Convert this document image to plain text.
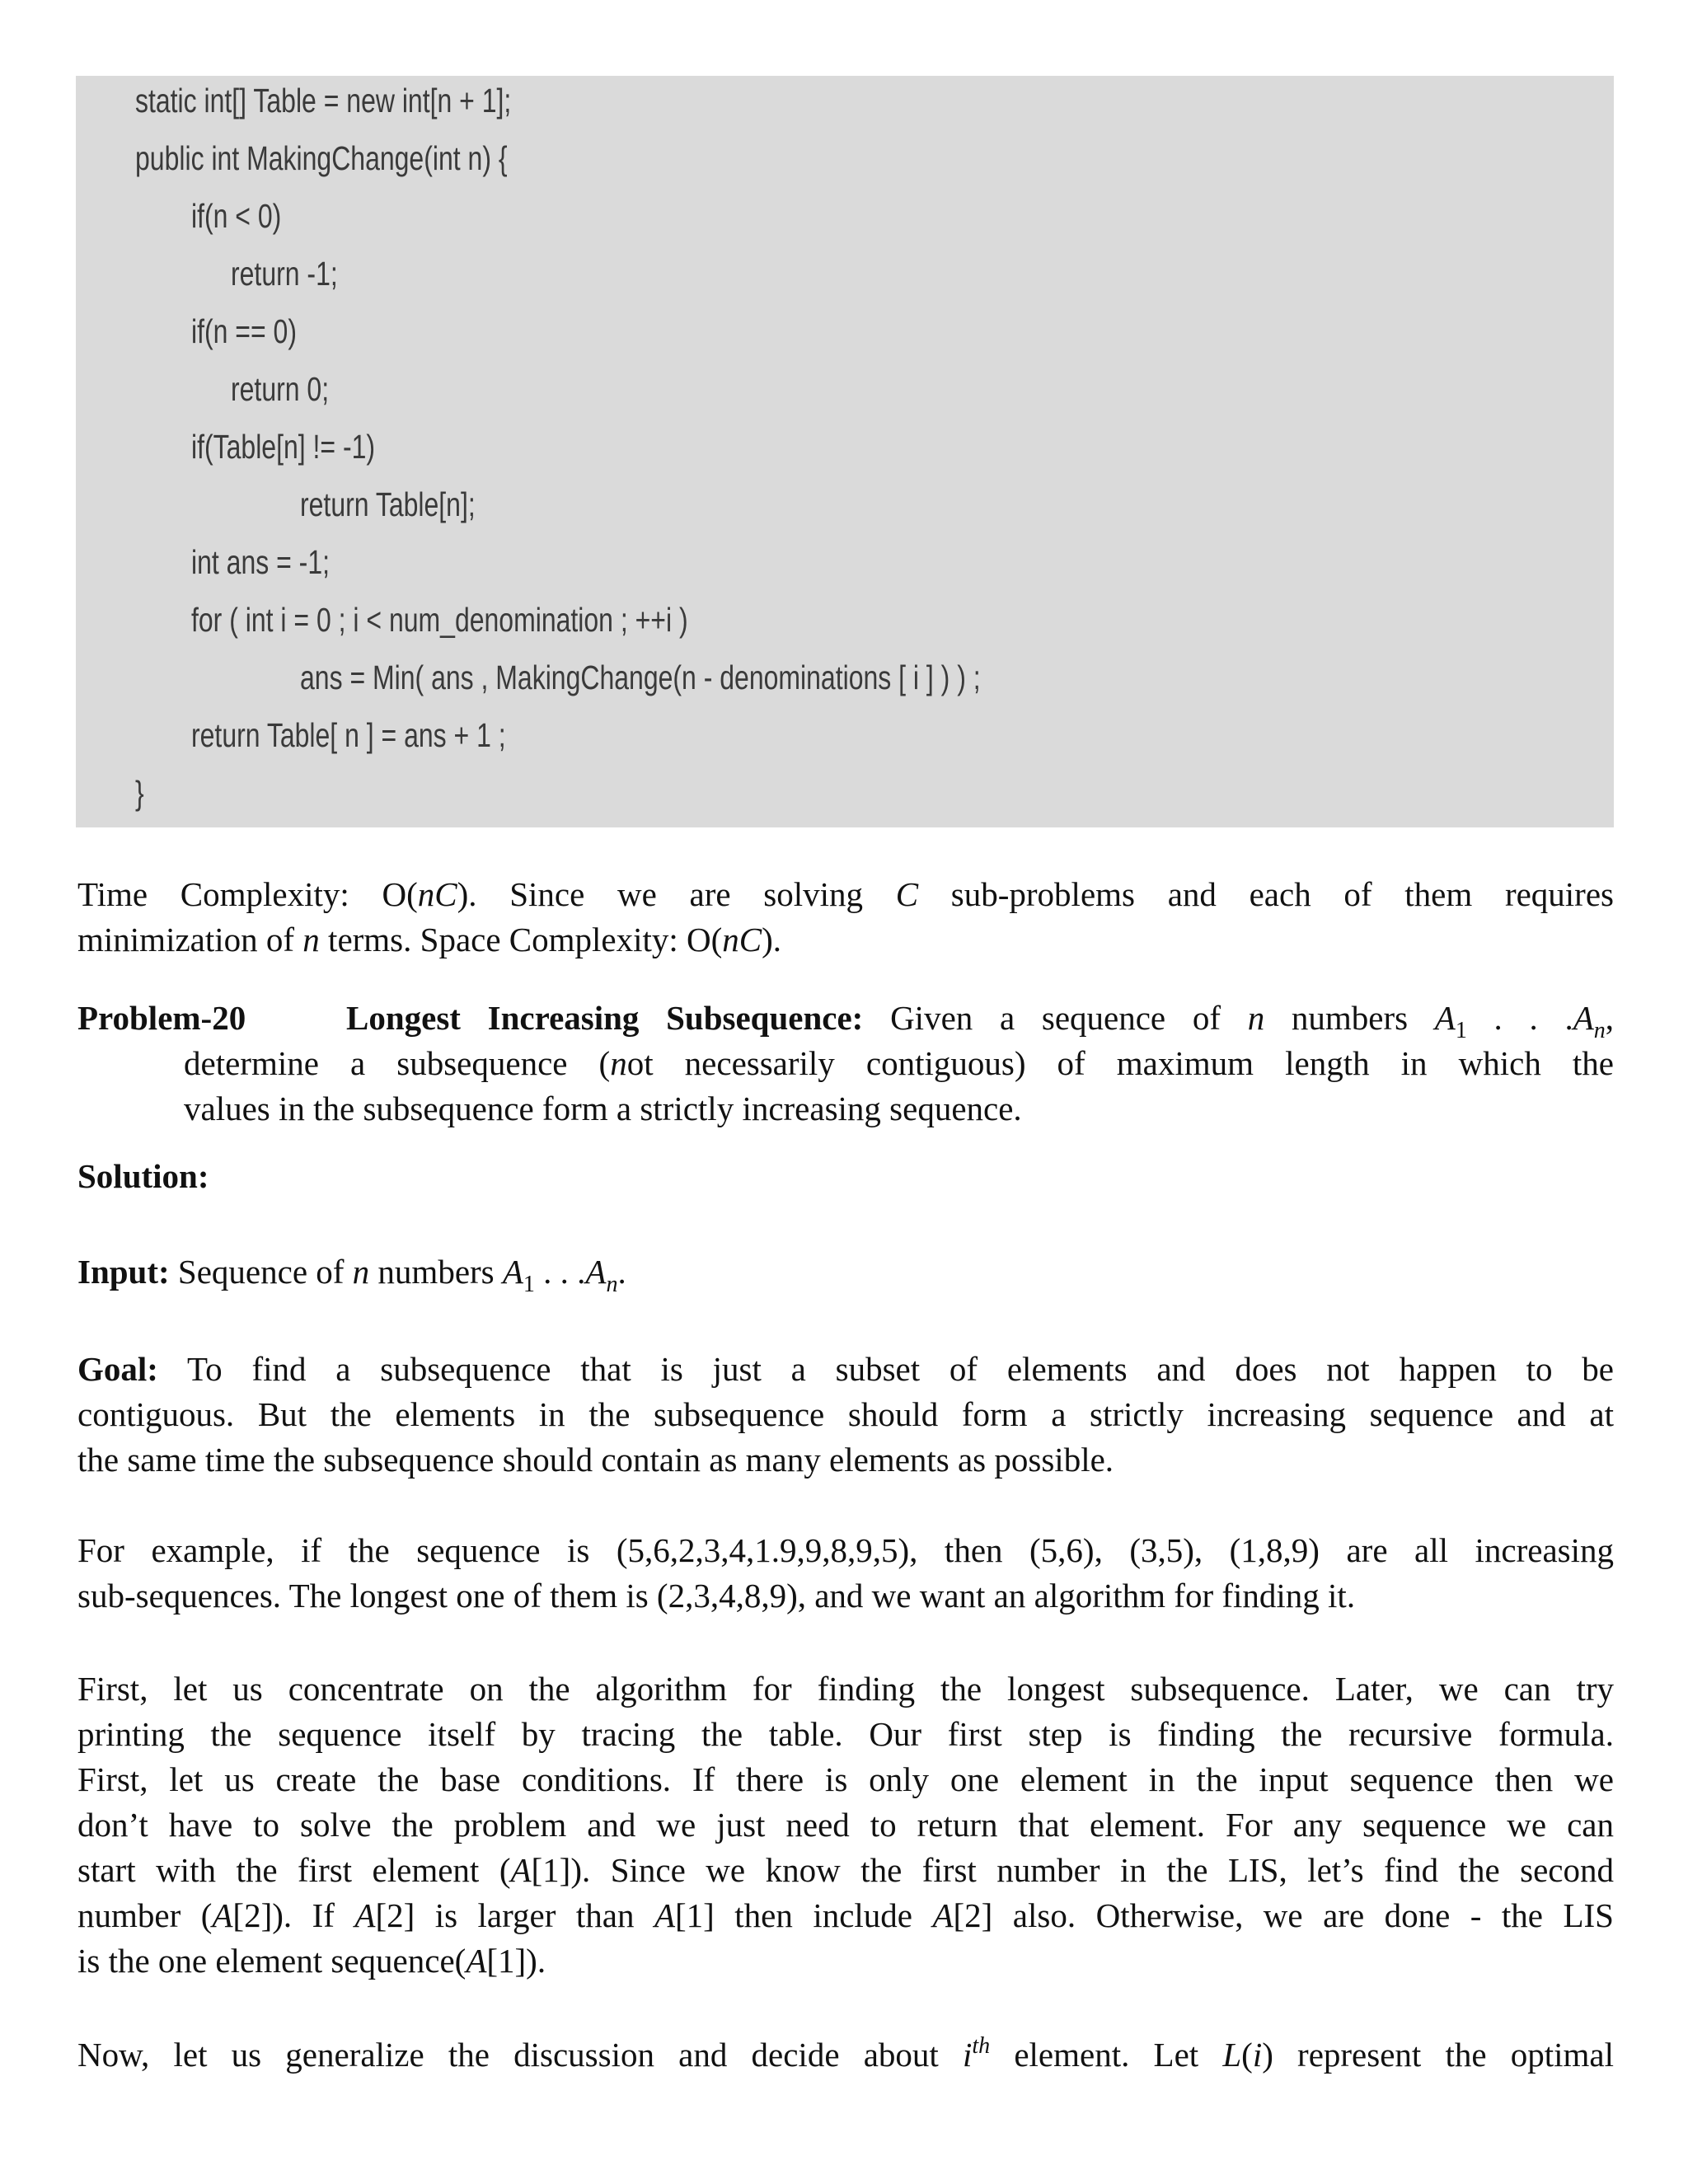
static int[] Table = new int[n + 1];
public int MakingChange(int n) {
if(n < 0)
return -1;
if(n == 0)
return 0;
if(Table[n] != -1)
return Table[n];
int ans = -1;
for ( int i = 0 ; i < num_denomination ; ++i )
ans = Min( ans , MakingChange(n - denominations [ i ] ) ) ;
return Table[ n ] = ans + 1 ;
}
Time Complexity: O(nC). Since we are solving C sub-problems and each of them requires
minimization of n terms. Space Complexity: O(nC).
Problem-20	Longest Increasing Subsequence: Given a sequence of n numbers $A_1$ . . $.A_n$,
determine a subsequence (not necessarily contiguous) of maximum length in which the
values in the subsequence form a strictly increasing sequence.
Solution:
Input: Sequence of n numbers $A_1$ . . $.A_n$.
Goal: To find a subsequence that is just a subset of elements and does not happen to be
contiguous. But the elements in the subsequence should form a strictly increasing sequence and at
the same time the subsequence should contain as many elements as possible.
For example, if the sequence is (5,6,2,3,4,1.9,9,8,9,5), then (5,6), (3,5), (1,8,9) are all increasing
sub-sequences. The longest one of them is (2,3,4,8,9), and we want an algorithm for finding it.
First, let us concentrate on the algorithm for finding the longest subsequence. Later, we can try
printing the sequence itself by tracing the table. Our first step is finding the recursive formula.
First, let us create the base conditions. If there is only one element in the input sequence then we
don’t have to solve the problem and we just need to return that element. For any sequence we can
start with the first element (A[1]). Since we know the first number in the LIS, let’s find the second
number (A[2]). If A[2] is larger than A[1] then include A[2] also. Otherwise, we are done - the LIS
is the one element sequence(A[1]).
Now, let us generalize the discussion and decide about $i^{th}$ element. Let L(i) represent the optimal
